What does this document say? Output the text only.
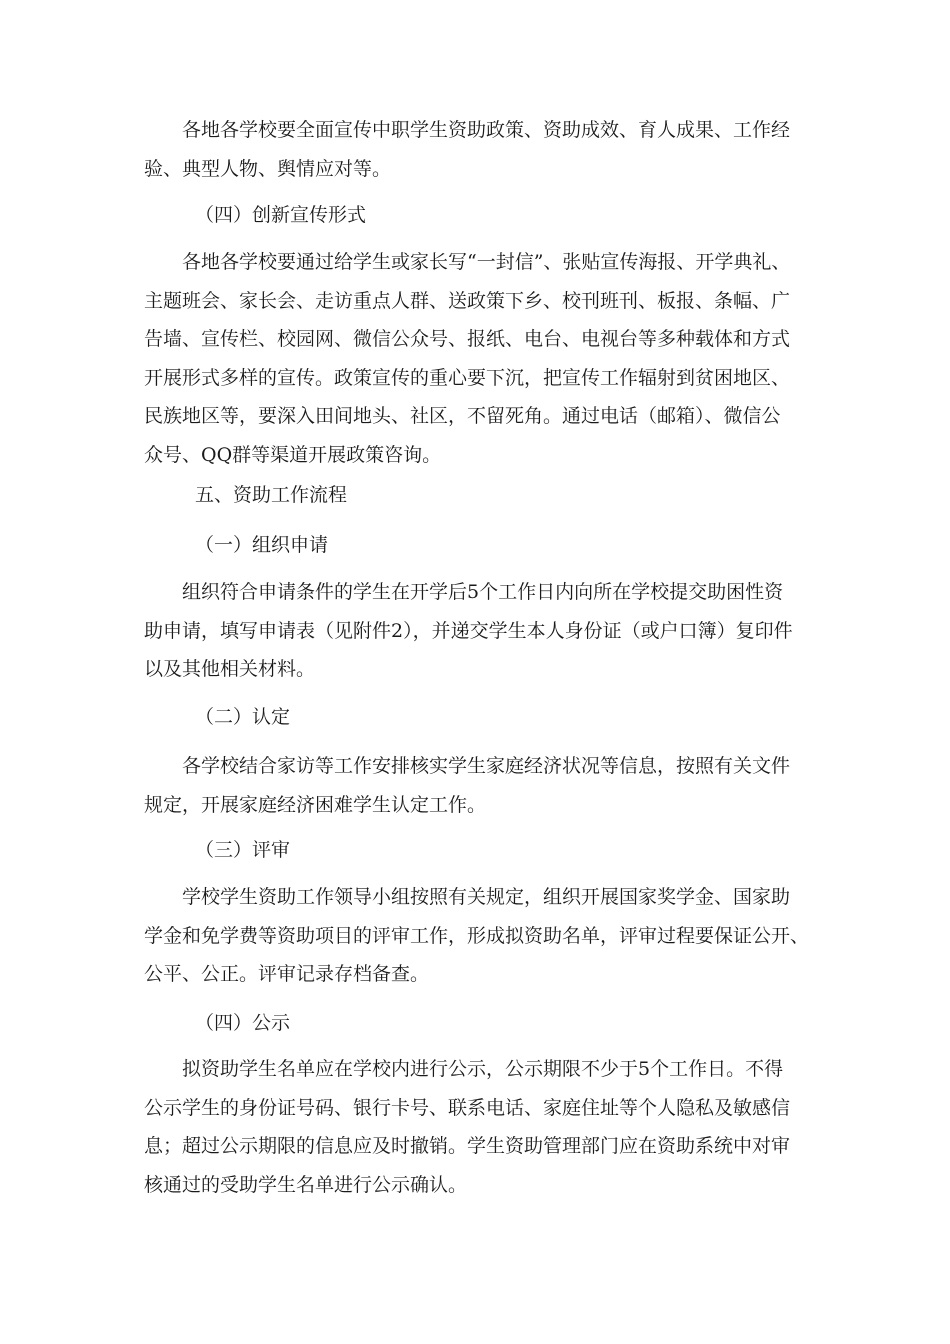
　　各地各学校要全面宣传中职学生资助政策、资助成效、育人成果、工作经
验、典型人物、舆情应对等。

（四）创新宣传形式

　　各地各学校要通过给学生或家长写“一封信”、张贴宣传海报、开学典礼、
主题班会、家长会、走访重点人群、送政策下乡、校刊班刊、板报、条幅、广
告墙、宣传栏、校园网、微信公众号、报纸、电台、电视台等多种载体和方式
开展形式多样的宣传。政策宣传的重心要下沉，把宣传工作辐射到贫困地区、
民族地区等，要深入田间地头、社区，不留死角。通过电话（邮箱）、微信公
众号、QQ群等渠道开展政策咨询。

五、资助工作流程

（一）组织申请

　　组织符合申请条件的学生在开学后5个工作日内向所在学校提交助困性资
助申请，填写申请表（见附件2），并递交学生本人身份证（或户口簿）复印件
以及其他相关材料。

（二）认定

　　各学校结合家访等工作安排核实学生家庭经济状况等信息，按照有关文件
规定，开展家庭经济困难学生认定工作。

（三）评审

　　学校学生资助工作领导小组按照有关规定，组织开展国家奖学金、国家助
学金和免学费等资助项目的评审工作，形成拟资助名单，评审过程要保证公开、
公平、公正。评审记录存档备查。

（四）公示

　　拟资助学生名单应在学校内进行公示，公示期限不少于5个工作日。不得
公示学生的身份证号码、银行卡号、联系电话、家庭住址等个人隐私及敏感信
息；超过公示期限的信息应及时撤销。学生资助管理部门应在资助系统中对审
核通过的受助学生名单进行公示确认。
